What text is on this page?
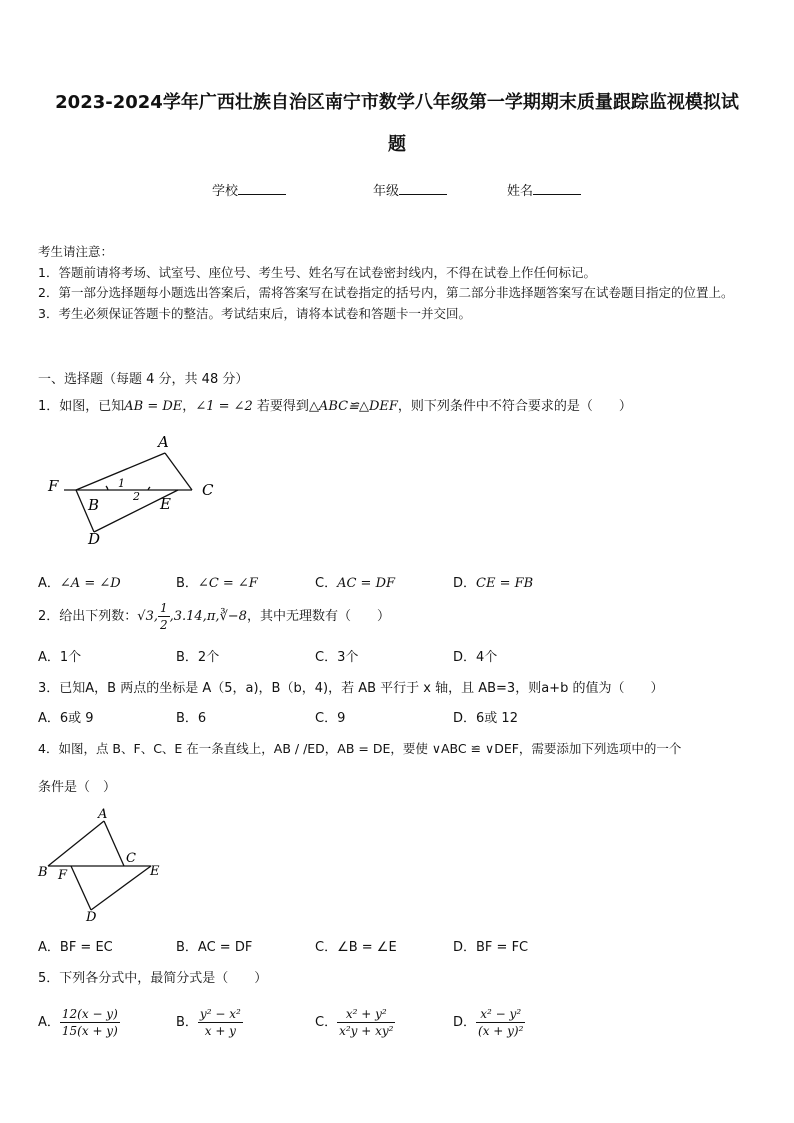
2023-2024学年广西壮族自治区南宁市数学八年级第一学期期末质量跟踪监视模拟试
题
学校	年级	姓名
考生请注意：
1．答题前请将考场、试室号、座位号、考生号、姓名写在试卷密封线内，不得在试卷上作任何标记。
2．第一部分选择题每小题选出答案后，需将答案写在试卷指定的括号内，第二部分非选择题答案写在试卷题目指定的位置上。
3．考生必须保证答题卡的整洁。考试结束后，请将本试卷和答题卡一并交回。
一、选择题（每题 4 分，共 48 分）
1．如图，已知AB = DE，∠1 = ∠2 若要得到△ABC≌△DEF，则下列条件中不符合要求的是（　　）
A
F
B
1
2 E
C
D
A．∠A = ∠D	B．∠C = ∠F	C．AC = DF	D．CE = FB
2．给出下列数：√3, $\frac{1}{2}$ ,3.14,π,∛−8，其中无理数有（　　）
A．1个	B．2个	C．3个	D．4个
3．已知A，B 两点的坐标是 A（5，a)，B（b，4)，若 AB 平行于 x 轴，且 AB=3，则a+b 的值为（　　）
A．6或 9	B．6	C．9	D．6或 12
4．如图，点 B、F、C、E 在一条直线上，AB / /ED，AB = DE，要使 ∨ABC ≌ ∨DEF，需要添加下列选项中的一个
条件是（　）
A
C
B F	E
D
A．BF = EC	B．AC = DF	C．∠B = ∠E	D．BF = FC
5．下列各分式中，最简分式是（　　）
A． $\frac{12(x - y)}{15(x + y)}$	B． $\frac{\text{y² − x²}}{x + y}$	C． $\frac{\text{x² + y²}}{\text{x²y + xy²}}$	D． $\frac{\text{x² − y²}}{\text{(x + y)²}}$
